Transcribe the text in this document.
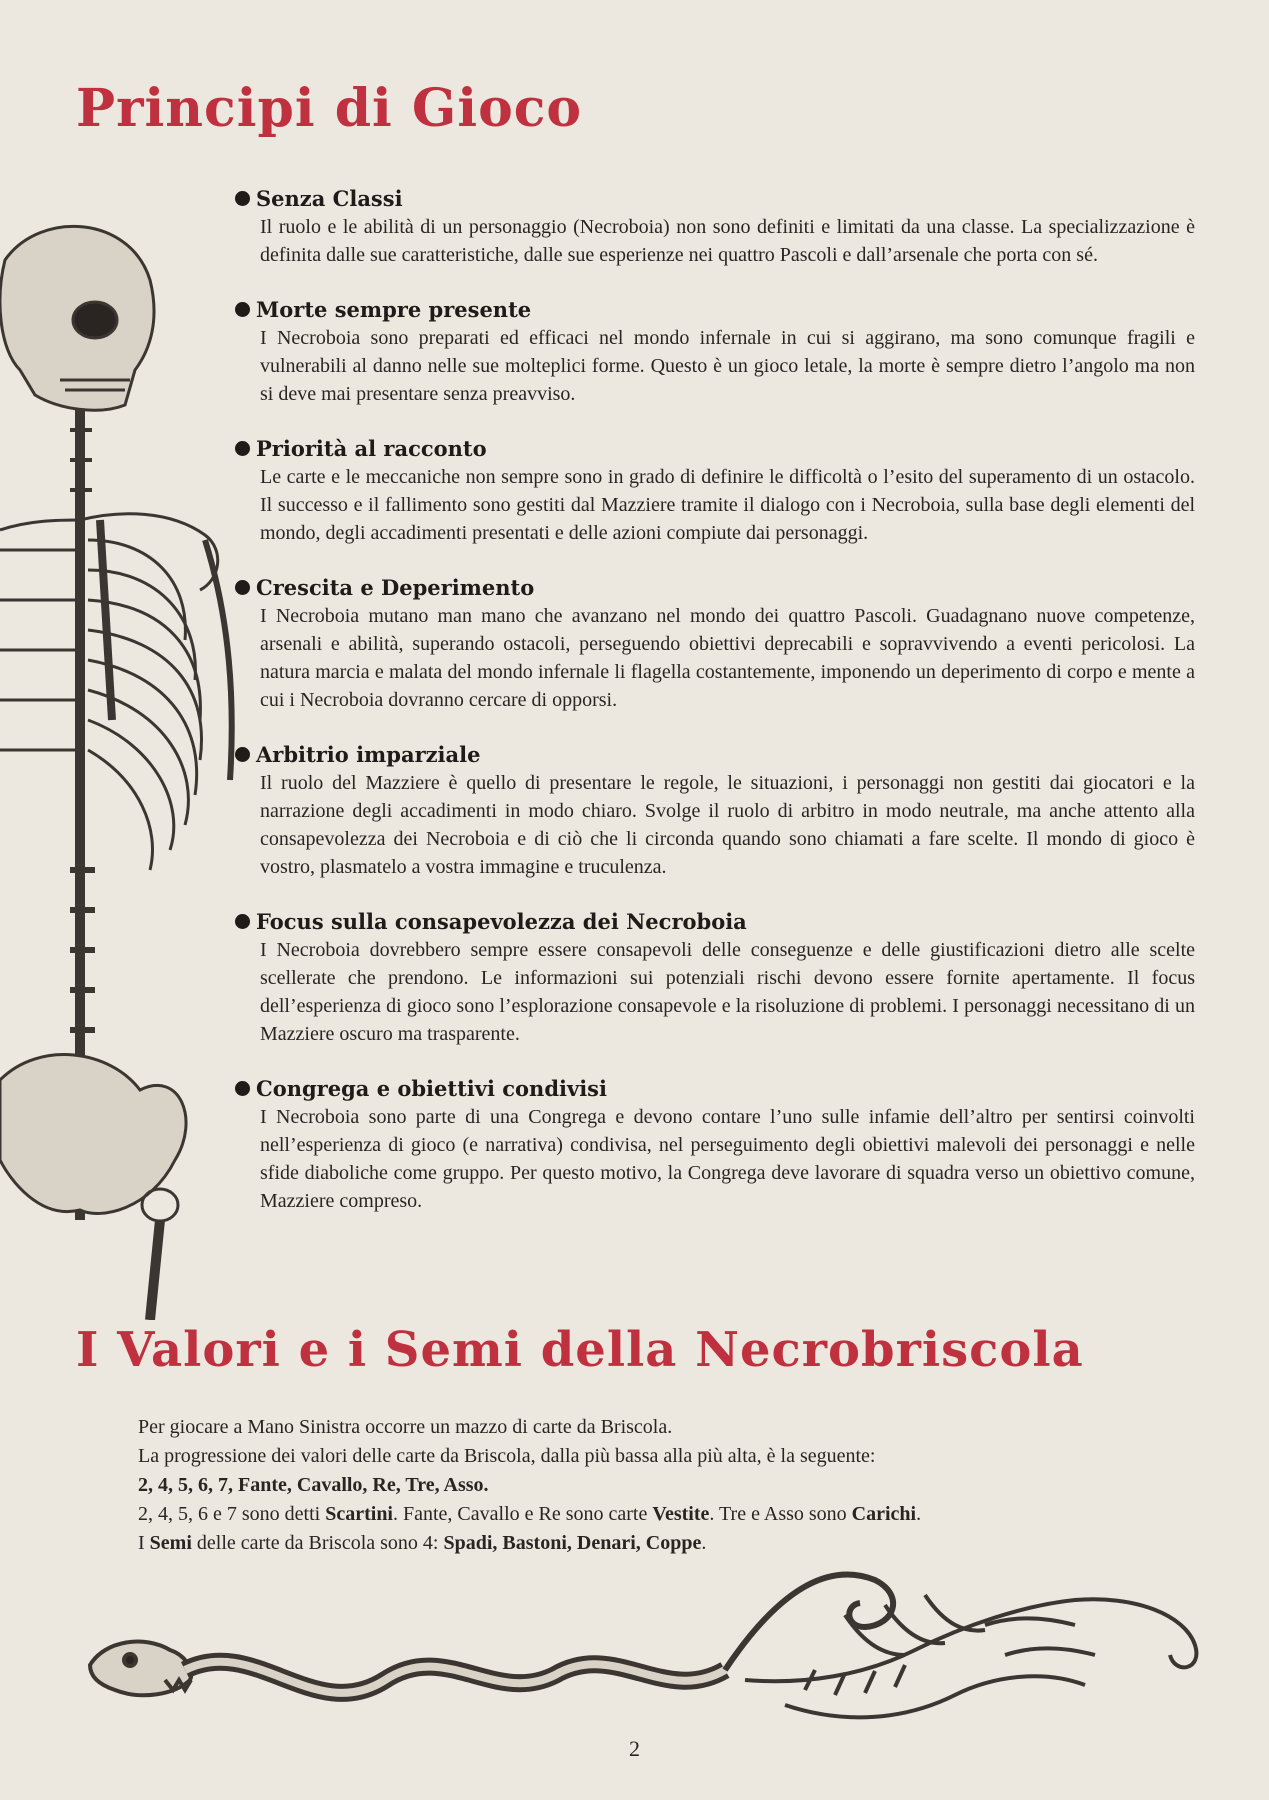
Principi di Gioco
Senza Classi

Il ruolo e le abilità di un personaggio (Necroboia) non sono definiti e limitati da una classe. La specializzazione è definita dalle sue caratteristiche, dalle sue esperienze nei quattro Pascoli e dall’arsenale che porta con sé.

Morte sempre presente

I Necroboia sono preparati ed efficaci nel mondo infernale in cui si aggirano, ma sono comunque fragili e vulnerabili al danno nelle sue molteplici forme. Questo è un gioco letale, la morte è sempre dietro l’angolo ma non si deve mai presentare senza preavviso.

Priorità al racconto

Le carte e le meccaniche non sempre sono in grado di definire le difficoltà o l’esito del superamento di un ostacolo. Il successo e il fallimento sono gestiti dal Mazziere tramite il dialogo con i Necroboia, sulla base degli elementi del mondo, degli accadimenti presentati e delle azioni compiute dai personaggi.

Crescita e Deperimento

I Necroboia mutano man mano che avanzano nel mondo dei quattro Pascoli. Guadagnano nuove competenze, arsenali e abilità, superando ostacoli, perseguendo obiettivi deprecabili e sopravvivendo a eventi pericolosi. La natura marcia e malata del mondo infernale li flagella costantemente, imponendo un deperimento di corpo e mente a cui i Necroboia dovranno cercare di opporsi.

Arbitrio imparziale

Il ruolo del Mazziere è quello di presentare le regole, le situazioni, i personaggi non gestiti dai giocatori e la narrazione degli accadimenti in modo chiaro. Svolge il ruolo di arbitro in modo neutrale, ma anche attento alla consapevolezza dei Necroboia e di ciò che li circonda quando sono chiamati a fare scelte. Il mondo di gioco è vostro, plasmatelo a vostra immagine e truculenza.

Focus sulla consapevolezza dei Necroboia

I Necroboia dovrebbero sempre essere consapevoli delle conseguenze e delle giustificazioni dietro alle scelte scellerate che prendono. Le informazioni sui potenziali rischi devono essere fornite apertamente. Il focus dell’esperienza di gioco sono l’esplorazione consapevole e la risoluzione di problemi. I personaggi necessitano di un Mazziere oscuro ma trasparente.

Congrega e obiettivi condivisi

I Necroboia sono parte di una Congrega e devono contare l’uno sulle infamie dell’altro per sentirsi coinvolti nell’esperienza di gioco (e narrativa) condivisa, nel perseguimento degli obiettivi malevoli dei personaggi e nelle sfide diaboliche come gruppo. Per questo motivo, la Congrega deve lavorare di squadra verso un obiettivo comune, Mazziere compreso.

I Valori e i Semi della Necrobriscola
Per giocare a Mano Sinistra occorre un mazzo di carte da Briscola.
La progressione dei valori delle carte da Briscola, dalla più bassa alla più alta, è la seguente:
2, 4, 5, 6, 7, Fante, Cavallo, Re, Tre, Asso.
2, 4, 5, 6 e 7 sono detti Scartini. Fante, Cavallo e Re sono carte Vestite. Tre e Asso sono Carichi.
I Semi delle carte da Briscola sono 4: Spadi, Bastoni, Denari, Coppe.
2
